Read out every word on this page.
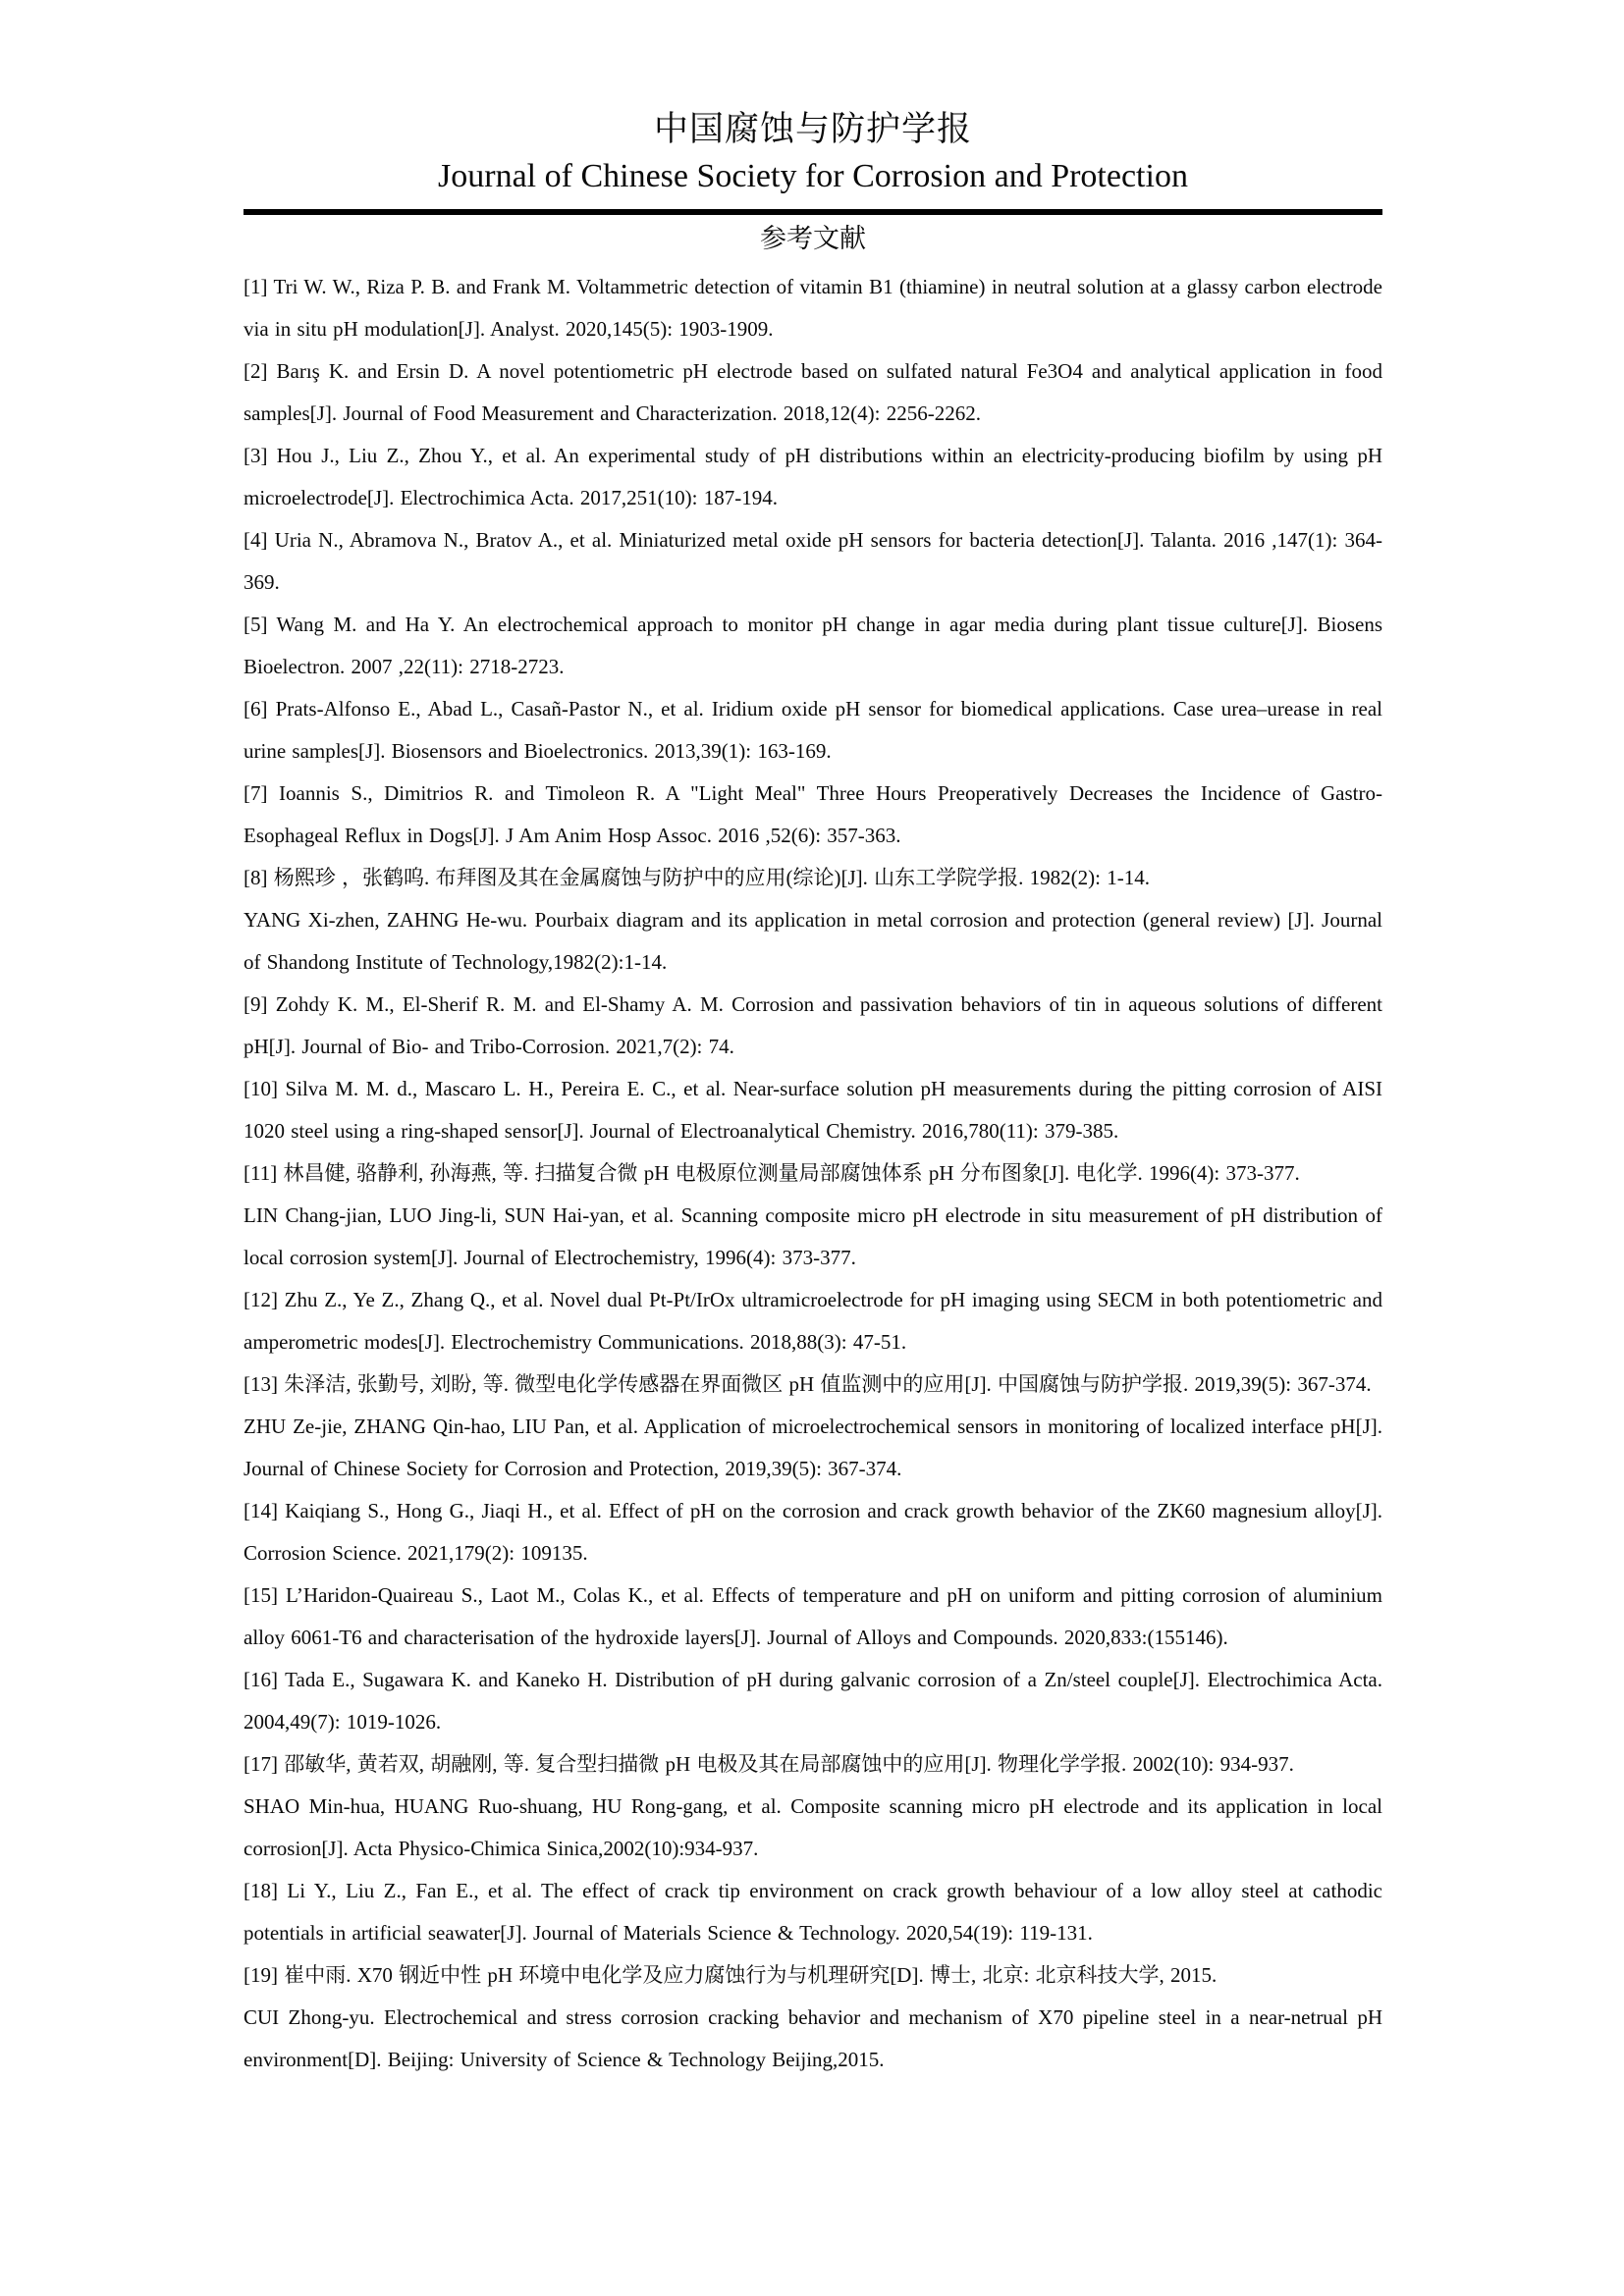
中国腐蚀与防护学报
Journal of Chinese Society for Corrosion and Protection
参考文献

[1] Tri W. W., Riza P. B. and Frank M. Voltammetric detection of vitamin B1 (thiamine) in neutral solution at a glassy carbon electrode via in situ pH modulation[J]. Analyst. 2020,145(5): 1903-1909.

[2] Barış K. and Ersin D. A novel potentiometric pH electrode based on sulfated natural Fe3O4 and analytical application in food samples[J]. Journal of Food Measurement and Characterization. 2018,12(4): 2256-2262.

[3] Hou J., Liu Z., Zhou Y., et al. An experimental study of pH distributions within an electricity-producing biofilm by using pH microelectrode[J]. Electrochimica Acta. 2017,251(10): 187-194.

[4] Uria N., Abramova N., Bratov A., et al. Miniaturized metal oxide pH sensors for bacteria detection[J]. Talanta. 2016 ,147(1): 364-369.

[5] Wang M. and Ha Y. An electrochemical approach to monitor pH change in agar media during plant tissue culture[J]. Biosens Bioelectron. 2007 ,22(11): 2718-2723.

[6] Prats-Alfonso E., Abad L., Casañ-Pastor N., et al. Iridium oxide pH sensor for biomedical applications. Case urea–urease in real urine samples[J]. Biosensors and Bioelectronics. 2013,39(1): 163-169.

[7] Ioannis S., Dimitrios R. and Timoleon R. A "Light Meal" Three Hours Preoperatively Decreases the Incidence of Gastro-Esophageal Reflux in Dogs[J]. J Am Anim Hosp Assoc. 2016 ,52(6): 357-363.

[8] 杨熙珍 ，张鹤呜. 布拜图及其在金属腐蚀与防护中的应用(综论)[J]. 山东工学院学报. 1982(2): 1-14.

YANG Xi-zhen, ZAHNG He-wu. Pourbaix diagram and its application in metal corrosion and protection (general review) [J]. Journal of Shandong Institute of Technology,1982(2):1-14.

[9] Zohdy K. M., El-Sherif R. M. and El-Shamy A. M. Corrosion and passivation behaviors of tin in aqueous solutions of different pH[J]. Journal of Bio- and Tribo-Corrosion. 2021,7(2): 74.

[10] Silva M. M. d., Mascaro L. H., Pereira E. C., et al. Near-surface solution pH measurements during the pitting corrosion of AISI 1020 steel using a ring-shaped sensor[J]. Journal of Electroanalytical Chemistry. 2016,780(11): 379-385.

[11] 林昌健, 骆静利, 孙海燕, 等. 扫描复合微 pH 电极原位测量局部腐蚀体系 pH 分布图象[J]. 电化学. 1996(4): 373-377.

LIN Chang-jian, LUO Jing-li, SUN Hai-yan, et al. Scanning composite micro pH electrode in situ measurement of pH distribution of local corrosion system[J]. Journal of Electrochemistry, 1996(4): 373-377.

[12] Zhu Z., Ye Z., Zhang Q., et al. Novel dual Pt-Pt/IrOx ultramicroelectrode for pH imaging using SECM in both potentiometric and amperometric modes[J]. Electrochemistry Communications. 2018,88(3): 47-51.

[13] 朱泽洁, 张勤号, 刘盼, 等. 微型电化学传感器在界面微区 pH 值监测中的应用[J]. 中国腐蚀与防护学报. 2019,39(5): 367-374.

ZHU Ze-jie, ZHANG Qin-hao, LIU Pan, et al. Application of microelectrochemical sensors in monitoring of localized interface pH[J]. Journal of Chinese Society for Corrosion and Protection, 2019,39(5): 367-374.

[14] Kaiqiang S., Hong G., Jiaqi H., et al. Effect of pH on the corrosion and crack growth behavior of the ZK60 magnesium alloy[J]. Corrosion Science. 2021,179(2): 109135.

[15] L’Haridon-Quaireau S., Laot M., Colas K., et al. Effects of temperature and pH on uniform and pitting corrosion of aluminium alloy 6061-T6 and characterisation of the hydroxide layers[J]. Journal of Alloys and Compounds. 2020,833:(155146).

[16] Tada E., Sugawara K. and Kaneko H. Distribution of pH during galvanic corrosion of a Zn/steel couple[J]. Electrochimica Acta. 2004,49(7): 1019-1026.

[17] 邵敏华, 黄若双, 胡融刚, 等. 复合型扫描微 pH 电极及其在局部腐蚀中的应用[J]. 物理化学学报. 2002(10): 934-937.

SHAO Min-hua, HUANG Ruo-shuang, HU Rong-gang, et al. Composite scanning micro pH electrode and its application in local corrosion[J]. Acta Physico-Chimica Sinica,2002(10):934-937.

[18] Li Y., Liu Z., Fan E., et al. The effect of crack tip environment on crack growth behaviour of a low alloy steel at cathodic potentials in artificial seawater[J]. Journal of Materials Science & Technology. 2020,54(19): 119-131.

[19] 崔中雨. X70 钢近中性 pH 环境中电化学及应力腐蚀行为与机理研究[D]. 博士, 北京: 北京科技大学, 2015.

CUI Zhong-yu. Electrochemical and stress corrosion cracking behavior and mechanism of X70 pipeline steel in a near-netrual pH environment[D]. Beijing: University of Science & Technology Beijing,2015.
